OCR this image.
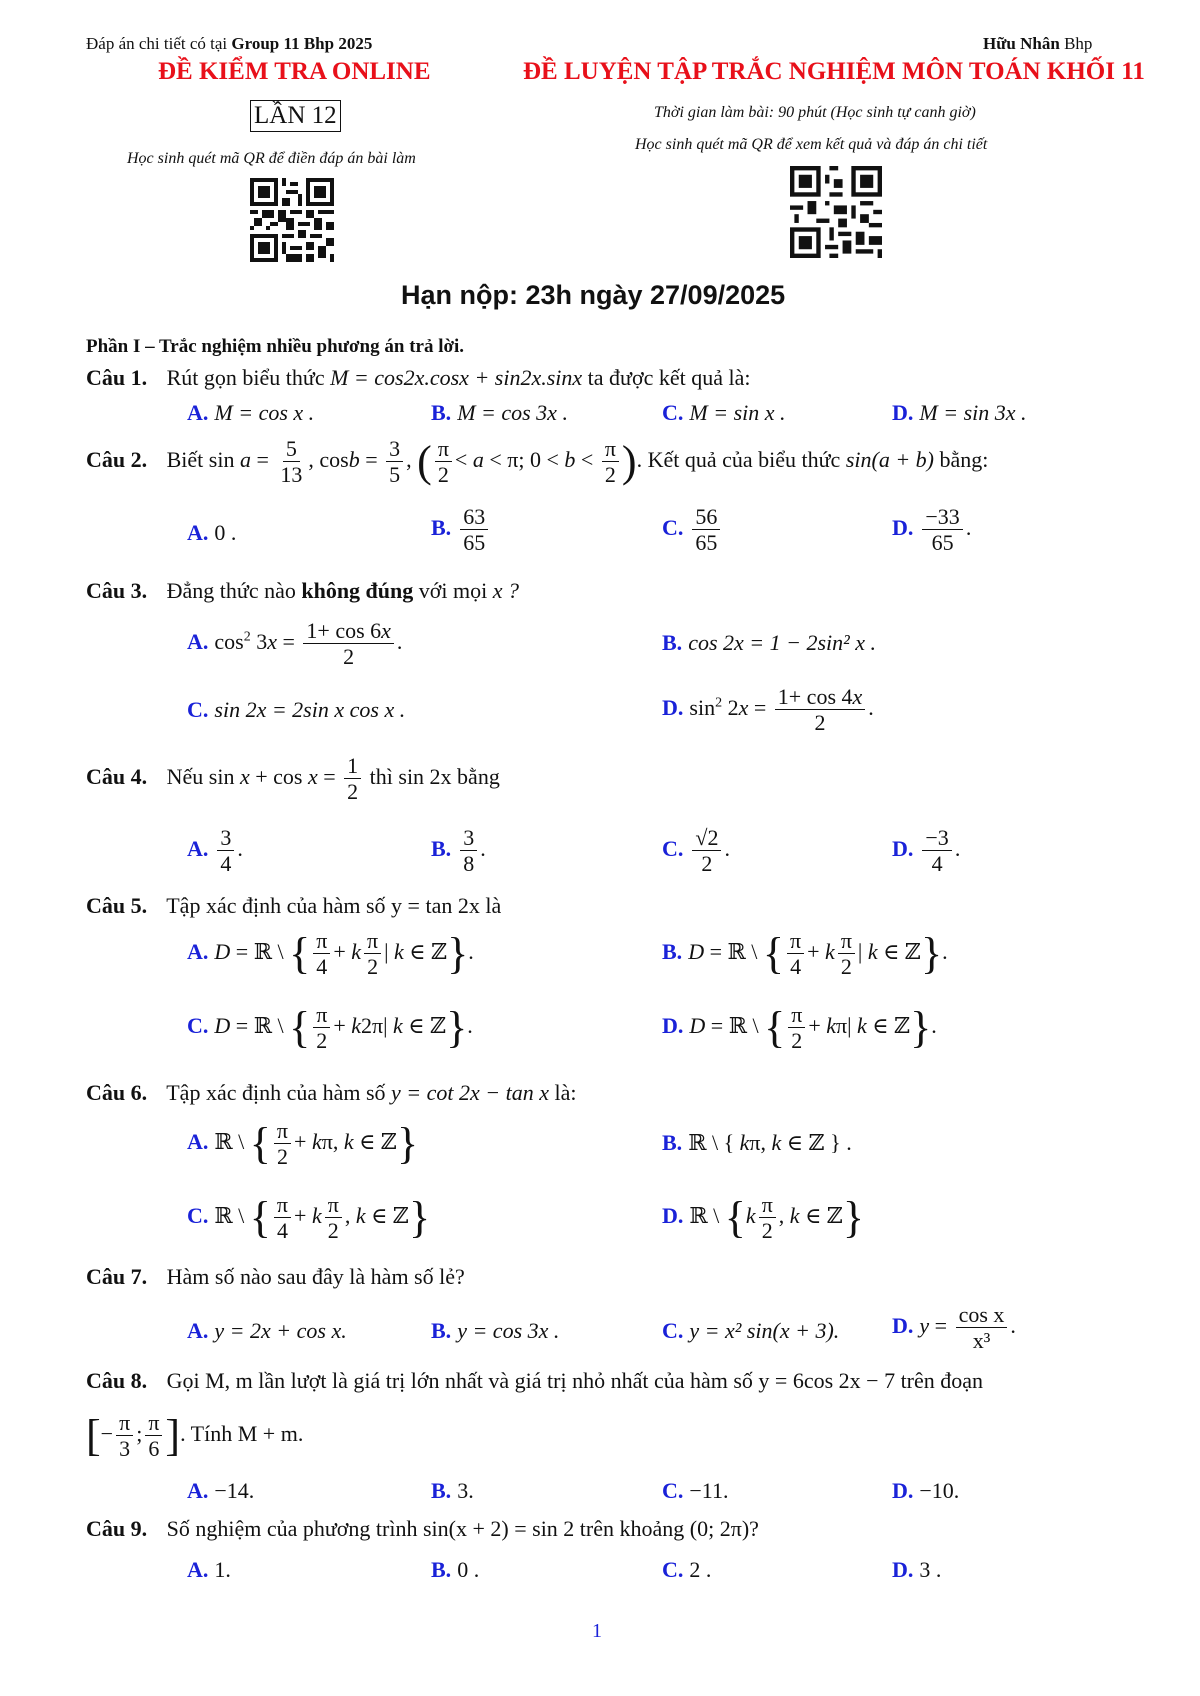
Đáp án chi tiết có tại Group 11 Bhp 2025	Hữu Nhân Bhp
ĐỀ KIỂM TRA ONLINE	ĐỀ LUYỆN TẬP TRẮC NGHIỆM MÔN TOÁN KHỐI 11
LẦN 12	Thời gian làm bài: 90 phút (Học sinh tự canh giờ)
Học sinh quét mã QR để điền đáp án bài làm
Học sinh quét mã QR để xem kết quả và đáp án chi tiết
Hạn nộp: 23h ngày 27/09/2025
Phần I – Trắc nghiệm nhiều phương án trả lời.
Câu 1. Rút gọn biểu thức M = cos2x.cosx + sin2x.sinx ta được kết quả là:
A. M = cos x .	B. M = cos 3x .	C. M = sin x .	D. M = sin 3x .
Câu 2. Biết $\sin a = \frac{5}{13}$ , $\cos b = \frac{3}{5}$ , ( $\frac{\pi}{2} < a < \pi$; $0 < b < \frac{\pi}{2}$ ). Kết quả của biểu thức sin(a + b) bằng:
A. 0 .	B. $\frac{63}{65}$	C. $\frac{56}{65}$	D. $\frac{-33}{65}$ .
Câu 3. Đẳng thức nào không đúng với mọi x ?
A. $\cos^2 3x = \frac{1+ \cos 6x}{2}$ .	B. cos 2x = 1 − 2sin² x .
C. sin 2x = 2sin x cos x .	D. $\sin^2 2x = \frac{1+ \cos 4x}{2}$ .
Câu 4. Nếu $\sin x + \cos x = \frac{1}{2}$ thì sin 2x bằng
A. $\frac{3}{4}$ .	B. $\frac{3}{8}$ .	C. $\frac{√2}{2}$ .	D. $\frac{-3}{4}$ .
Câu 5. Tập xác định của hàm số y = tan 2x là
A. D = ℝ \ { $\frac{\pi}{4} + k \frac{\pi}{2}$ | k ∈ ℤ}.	B. D = ℝ \ { $\frac{\pi}{4} + k \frac{\pi}{2}$ | k ∈ ℤ}.
C. D = ℝ \ { $\frac{\pi}{2} + k2\pi|$ k ∈ ℤ}.	D. D = ℝ \ { $\frac{\pi}{2} + k\pi|$ k ∈ ℤ}.
Câu 6. Tập xác định của hàm số y = cot 2x − tan x là:
A. ℝ \ { $\frac{\pi}{2} + k\pi$, k ∈ ℤ}	B. ℝ \ { kπ, k ∈ ℤ } .
C. ℝ \ { $\frac{\pi}{4} + k \frac{\pi}{2}$ , k ∈ ℤ}	D. ℝ \ {$k \frac{\pi}{2}$ , k ∈ ℤ}
Câu 7. Hàm số nào sau đây là hàm số lẻ?
A. y = 2x + cos x.	B. y = cos 3x .	C. y = x² sin(x + 3). D. $y = \frac{\text{cos x}}{\text{x³}}$ .
Câu 8. Gọi M, m lần lượt là giá trị lớn nhất và giá trị nhỏ nhất của hàm số y = 6cos 2x − 7 trên đoạn
[− $\frac{\pi}{3}$ ; $\frac{\pi}{6}$ ]. Tính M + m.
A. −14.	B. 3.	C. −11.	D. −10.
Câu 9. Số nghiệm của phương trình sin(x + 2) = sin 2 trên khoảng (0; 2π)?
A. 1.	B. 0 .	C. 2 .	D. 3 .
1
